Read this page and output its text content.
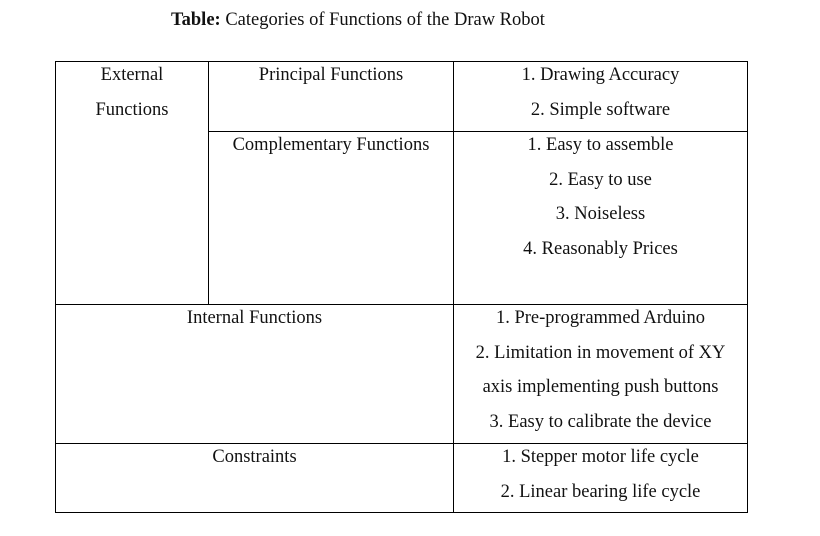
Table: Categories of Functions of the Draw Robot
External
Functions
Principal Functions	1. Drawing Accuracy
2. Simple software
Complementary Functions	1. Easy to assemble
2. Easy to use
3. Noiseless
4. Reasonably Prices
Internal Functions	1. Pre-programmed Arduino
2. Limitation in movement of XY
axis implementing push buttons
3. Easy to calibrate the device
Constraints	1. Stepper motor life cycle
2. Linear bearing life cycle
